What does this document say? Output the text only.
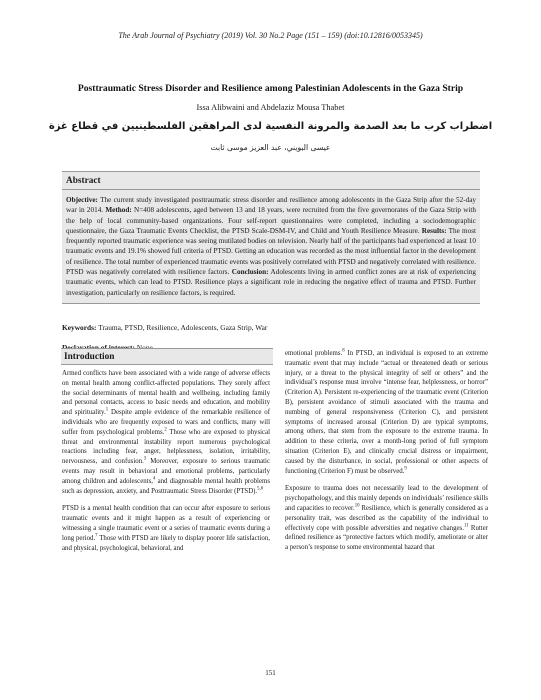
The Arab Journal of Psychiatry (2019) Vol. 30 No.2 Page (151 – 159) (doi:10.12816/0053345)
Posttraumatic Stress Disorder and Resilience among Palestinian Adolescents in the Gaza Strip
Issa Alibwaini and Abdelaziz Mousa Thabet
اضطراب كرب ما بعد الصدمة والمرونة النفسية لدى المراهقين الفلسطينيين في قطاع غزة
عيسى البويني، عبد العزيز موسى ثابت
Abstract
Objective: The current study investigated posttraumatic stress disorder and resilience among adolescents in the Gaza Strip after the 52-day war in 2014. Method: N=408 adolescents, aged between 13 and 18 years, were recruited from the five governorates of the Gaza Strip with the help of local community-based organizations. Four self-report questionnaires were completed, including a sociodemographic questionnaire, the Gaza Traumatic Events Checklist, the PTSD Scale-DSM-IV, and Child and Youth Resilience Measure. Results: The most frequently reported traumatic experience was seeing mutilated bodies on television. Nearly half of the participants had experienced at least 10 traumatic events and 19.1% showed full criteria of PTSD. Getting an education was recorded as the most influential factor in the development of resilience. The total number of experienced traumatic events was positively correlated with PTSD and negatively correlated with resilience. PTSD was negatively correlated with resilience factors. Conclusion: Adolescents living in armed conflict zones are at risk of experiencing traumatic events, which can lead to PTSD. Resilience plays a significant role in reducing the negative effect of trauma and PTSD. Further investigation, particularly on resilience factors, is required.
Keywords: Trauma, PTSD, Resilience, Adolescents, Gaza Strip, War
Introduction

Armed conflicts have been associated with a wide range of adverse effects on mental health among conflict-affected populations. They sorely affect the social determinants of mental health and wellbeing, including family and personal contacts, access to basic needs and education, and mobility and spirituality.$^1$ Despite ample evidence of the remarkable resilience of individuals who are frequently exposed to wars and conflicts, many will suffer from psychological problems.$^2$ Those who are exposed to physical threat and environmental instability report numerous psychological reactions including fear, anger, helplessness, isolation, irritability, nervousness, and confusion.$^3$ Moreover, exposure to serious traumatic events may result in behavioral and emotional problems, particularly among children and adolescents,$^4$ and diagnosable mental health problems such as depression, anxiety, and Posttraumatic Stress Disorder (PTSD).$^{5,6}$

PTSD is a mental health condition that can occur after exposure to serious traumatic events and it might happen as a result of experiencing or witnessing a single traumatic event or a series of traumatic events during a long period.$^7$ Those with PTSD are likely to display poorer life satisfaction, and physical, psychological, behavioral, and

emotional problems.$^8$ In PTSD, an individual is exposed to an extreme traumatic event that may include “actual or threatened death or serious injury, or a threat to the physical integrity of self or others” and the individual’s response must involve “intense fear, helplessness, or horror” (Criterion A). Persistent re-experiencing of the traumatic event (Criterion B), persistent avoidance of stimuli associated with the trauma and numbing of general responsiveness (Criterion C), and persistent symptoms of increased arousal (Criterion D) are typical symptoms, among others, that stem from the exposure to the extreme trauma. In addition to these criteria, over a month-long period of full symptom situation (Criterion E), and clinically crucial distress or impairment, caused by the disturbance, in social, professional or other aspects of functioning (Criterion F) must be observed.$^9$

Exposure to trauma does not necessarily lead to the development of psychopathology, and this mainly depends on individuals’ resilience skills and capacities to recover.$^{10}$ Resilience, which is generally considered as a personality trait, was described as the capability of the individual to effectively cope with possible adversities and negative changes.$^{11}$ Rutter defined resilience as “protective factors which modify, ameliorate or alter a person’s response to some environmental hazard that

151
